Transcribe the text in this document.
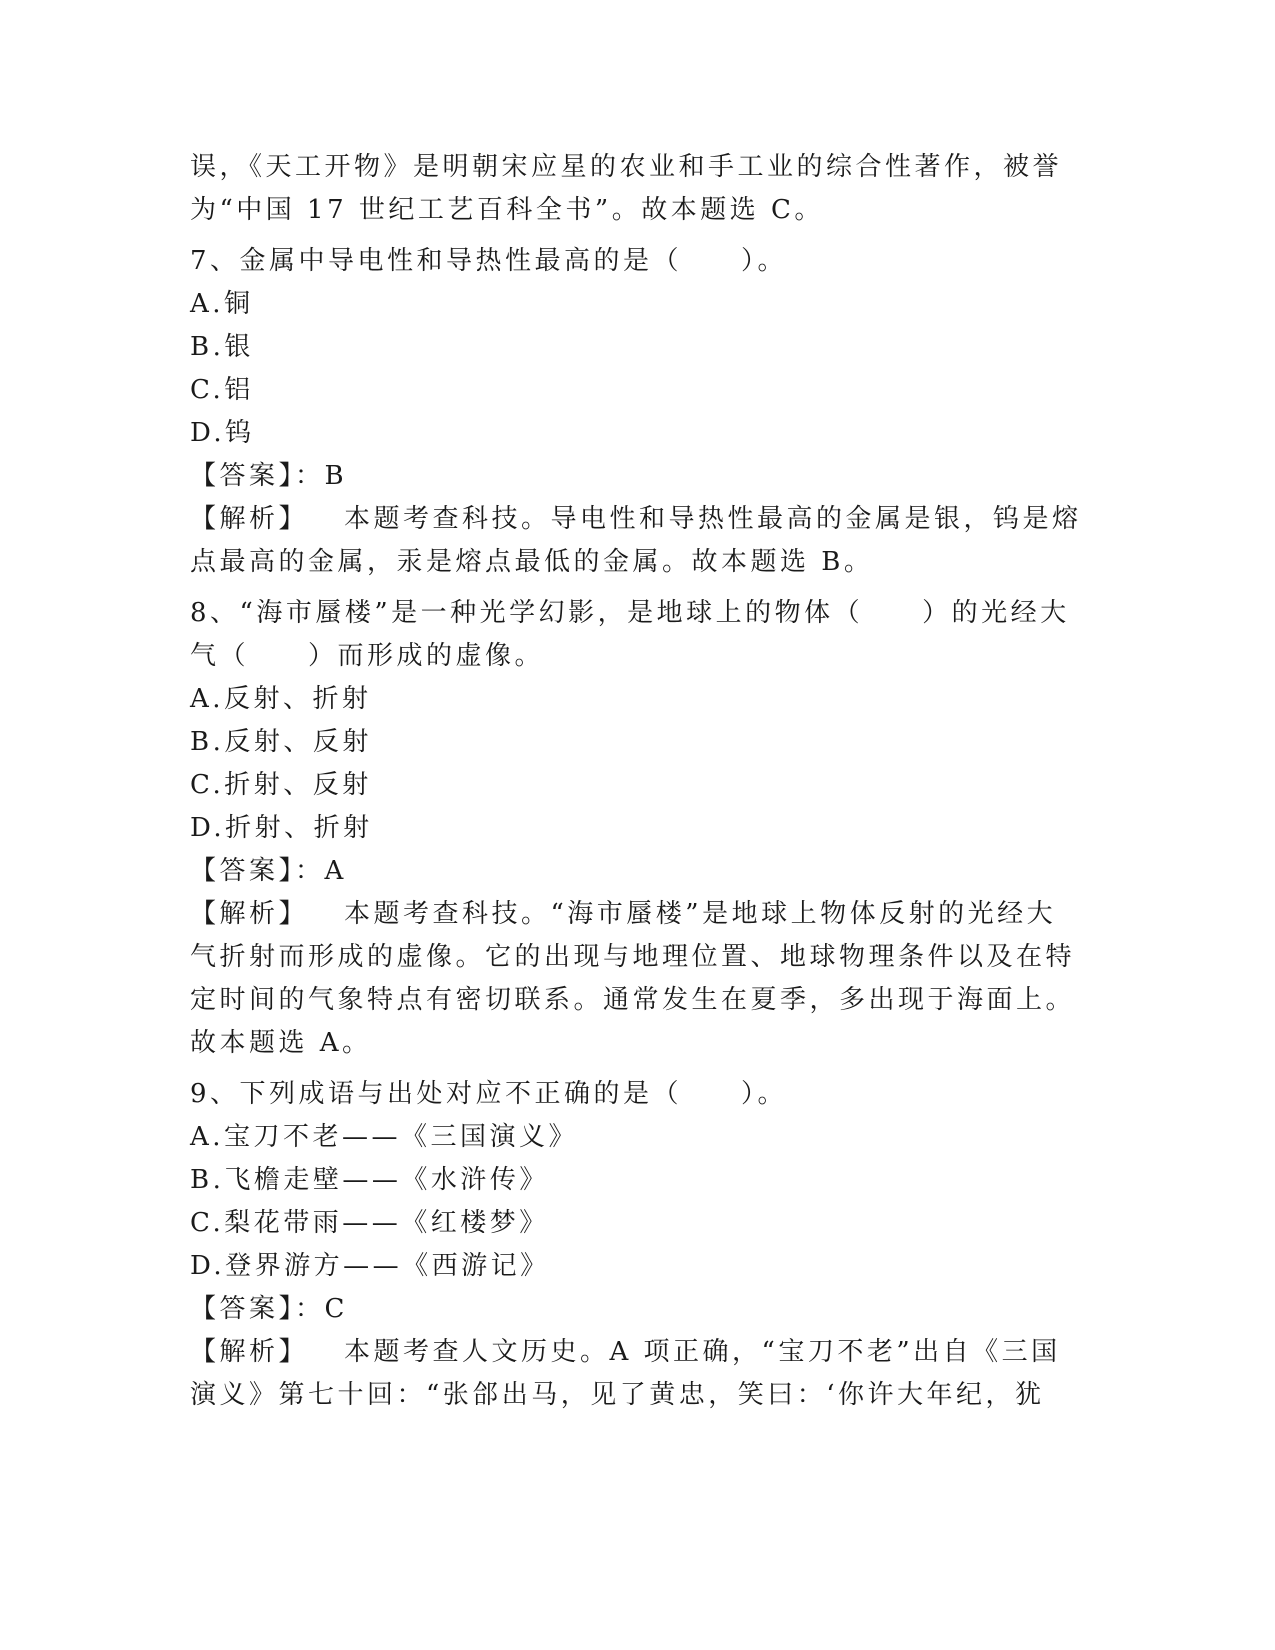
误，《天工开物》是明朝宋应星的农业和手工业的综合性著作，被誉
为“中国 17 世纪工艺百科全书”。故本题选 C。
7、金属中导电性和导热性最高的是（　　）。
A.铜
B.银
C.铝
D.钨
【答案】：B
【解析】 本题考查科技。导电性和导热性最高的金属是银，钨是熔
点最高的金属，汞是熔点最低的金属。故本题选 B。
8、“海市蜃楼”是一种光学幻影，是地球上的物体（　　）的光经大
气（　　）而形成的虚像。
A.反射、折射
B.反射、反射
C.折射、反射
D.折射、折射
【答案】：A
【解析】 本题考查科技。“海市蜃楼”是地球上物体反射的光经大
气折射而形成的虚像。它的出现与地理位置、地球物理条件以及在特
定时间的气象特点有密切联系。通常发生在夏季，多出现于海面上。
故本题选 A。
9、下列成语与出处对应不正确的是（　　）。
A.宝刀不老——《三国演义》
B.飞檐走壁——《水浒传》
C.梨花带雨——《红楼梦》
D.登界游方——《西游记》
【答案】：C
【解析】 本题考查人文历史。A 项正确，“宝刀不老”出自《三国
演义》第七十回：“张郃出马，见了黄忠，笑曰：‘你许大年纪，犹
